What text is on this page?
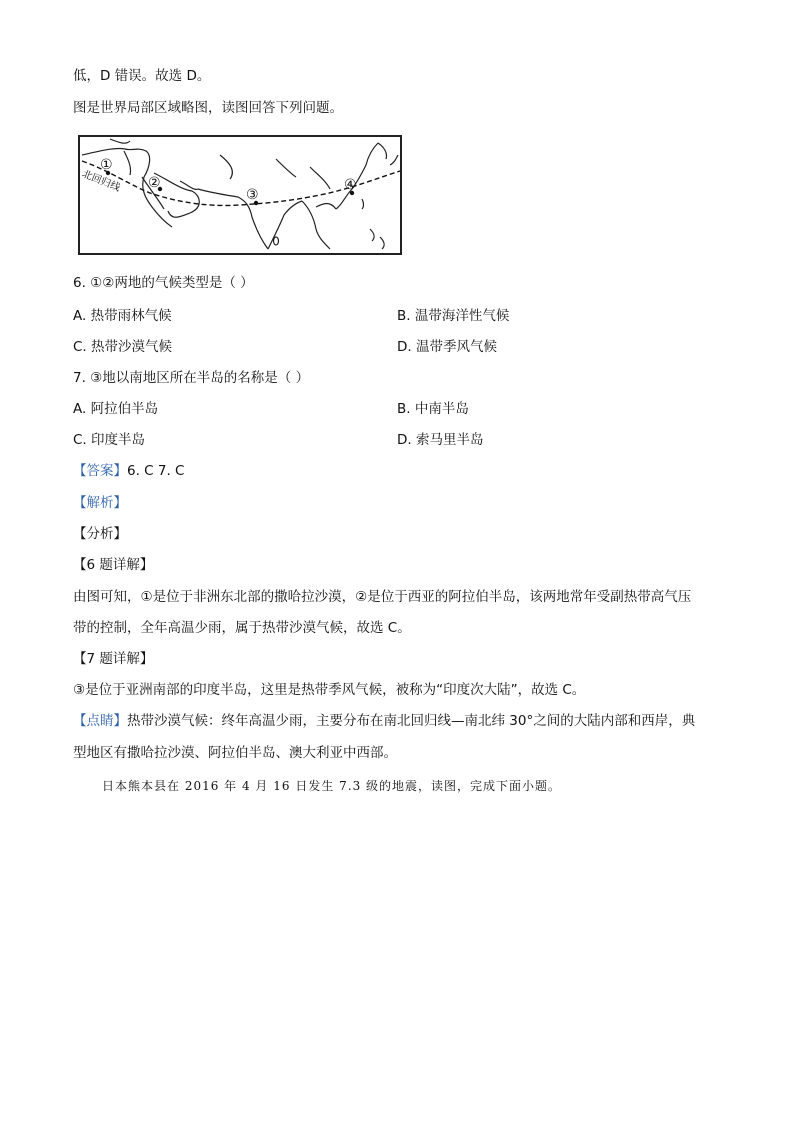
低，D 错误。故选 D。
图是世界局部区域略图，读图回答下列问题。
①
②
③
④
北回归线
6. ①②两地的气候类型是（ ）
A. 热带雨林气候	B. 温带海洋性气候
C. 热带沙漠气候	D. 温带季风气候
7. ③地以南地区所在半岛的名称是（ ）
A. 阿拉伯半岛	B. 中南半岛
C. 印度半岛	D. 索马里半岛
【答案】6. C 7. C
【解析】
【分析】
【6 题详解】
由图可知，①是位于非洲东北部的撒哈拉沙漠，②是位于西亚的阿拉伯半岛，该两地常年受副热带高气压
带的控制，全年高温少雨，属于热带沙漠气候，故选 C。
【7 题详解】
③是位于亚洲南部的印度半岛，这里是热带季风气候，被称为“印度次大陆”，故选 C。
【点睛】热带沙漠气候：终年高温少雨，主要分布在南北回归线—南北纬 30°之间的大陆内部和西岸，典
型地区有撒哈拉沙漠、阿拉伯半岛、澳大利亚中西部。
日本熊本县在 2016 年 4 月 16 日发生 7.3 级的地震，读图，完成下面小题。
